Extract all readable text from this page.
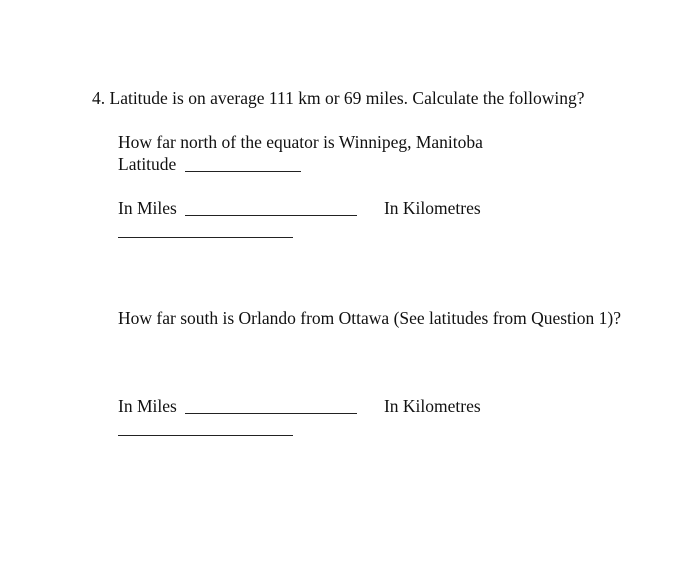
4. Latitude is on average 111 km or 69 miles. Calculate the following?
How far north of the equator is Winnipeg, Manitoba
Latitude
In Miles	In Kilometres
How far south is Orlando from Ottawa (See latitudes from Question 1)?
In Miles	In Kilometres
